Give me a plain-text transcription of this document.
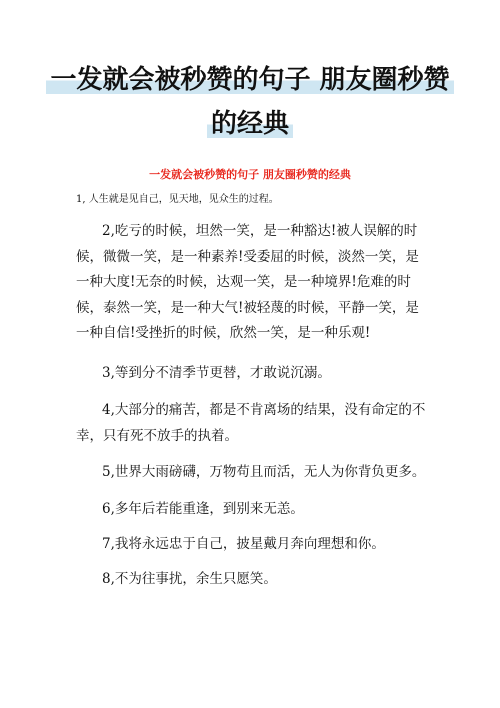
一发就会被秒赞的句子 朋友圈秒赞
的经典
一发就会被秒赞的句子 朋友圈秒赞的经典
1, 人生就是见自己，见天地，见众生的过程。

2,吃亏的时候，坦然一笑，是一种豁达!被人误解的时候，微微一笑，是一种素养!受委屈的时候，淡然一笑，是一种大度!无奈的时候，达观一笑，是一种境界!危难的时候，泰然一笑，是一种大气!被轻蔑的时候，平静一笑，是一种自信!受挫折的时候，欣然一笑，是一种乐观!

3,等到分不清季节更替，才敢说沉溺。

4,大部分的痛苦，都是不肯离场的结果，没有命定的不幸，只有死不放手的执着。

5,世界大雨磅礴，万物苟且而活，无人为你背负更多。

6,多年后若能重逢，到别来无恙。

7,我将永远忠于自己，披星戴月奔向理想和你。

8,不为往事扰，余生只愿笑。
